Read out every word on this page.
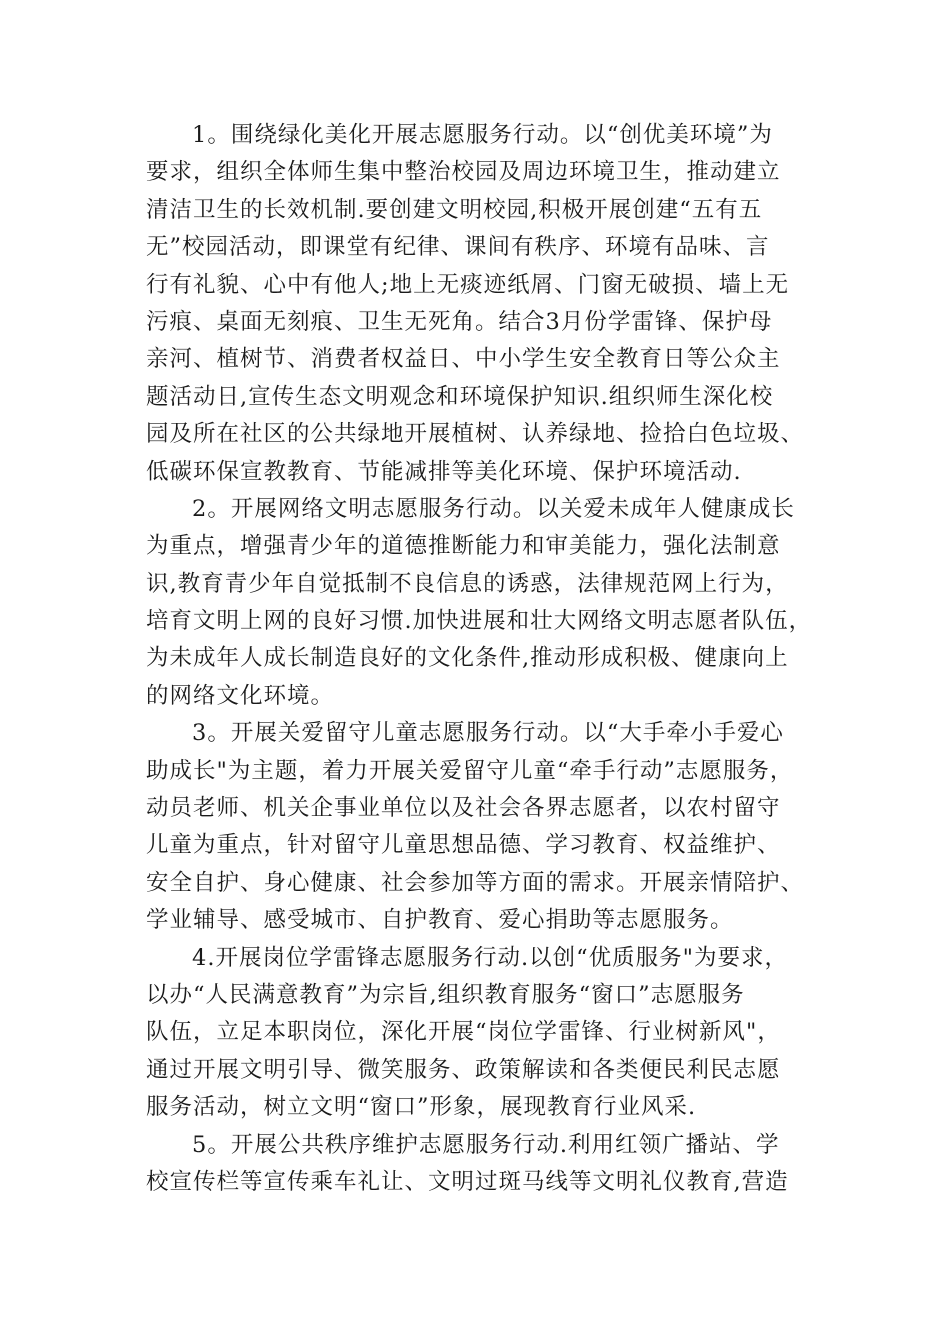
1。围绕绿化美化开展志愿服务行动。以“创优美环境”为
要求，组织全体师生集中整治校园及周边环境卫生，推动建立
清洁卫生的长效机制.要创建文明校园,积极开展创建“五有五
无”校园活动，即课堂有纪律、课间有秩序、环境有品味、言
行有礼貌、心中有他人;地上无痰迹纸屑、门窗无破损、墙上无
污痕、桌面无刻痕、卫生无死角。结合3月份学雷锋、保护母
亲河、植树节、消费者权益日、中小学生安全教育日等公众主
题活动日,宣传生态文明观念和环境保护知识.组织师生深化校
园及所在社区的公共绿地开展植树、认养绿地、捡拾白色垃圾、
低碳环保宣教教育、节能减排等美化环境、保护环境活动.
2。开展网络文明志愿服务行动。以关爱未成年人健康成长
为重点，增强青少年的道德推断能力和审美能力，强化法制意
识,教育青少年自觉抵制不良信息的诱惑，法律规范网上行为，
培育文明上网的良好习惯.加快进展和壮大网络文明志愿者队伍，
为未成年人成长制造良好的文化条件,推动形成积极、健康向上
的网络文化环境。
3。开展关爱留守儿童志愿服务行动。以“大手牵小手爱心
助成长"为主题，着力开展关爱留守儿童“牵手行动”志愿服务，
动员老师、机关企事业单位以及社会各界志愿者，以农村留守
儿童为重点，针对留守儿童思想品德、学习教育、权益维护、
安全自护、身心健康、社会参加等方面的需求。开展亲情陪护、
学业辅导、感受城市、自护教育、爱心捐助等志愿服务。
4.开展岗位学雷锋志愿服务行动.以创“优质服务"为要求，
以办“人民满意教育”为宗旨,组织教育服务“窗口”志愿服务
队伍，立足本职岗位，深化开展“岗位学雷锋、行业树新风"，
通过开展文明引导、微笑服务、政策解读和各类便民利民志愿
服务活动，树立文明“窗口”形象，展现教育行业风采.
5。开展公共秩序维护志愿服务行动.利用红领广播站、学
校宣传栏等宣传乘车礼让、文明过斑马线等文明礼仪教育,营造
